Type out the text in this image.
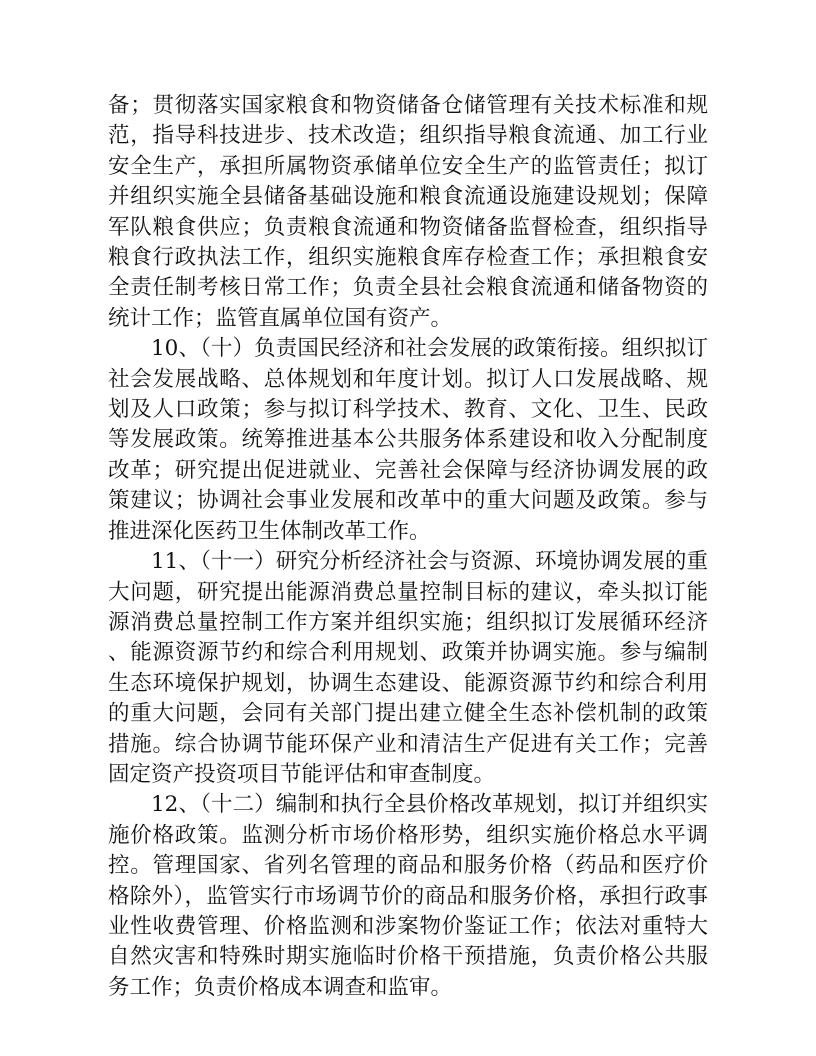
备；贯彻落实国家粮食和物资储备仓储管理有关技术标准和规范，指导科技进步、技术改造；组织指导粮食流通、加工行业安全生产，承担所属物资承储单位安全生产的监管责任；拟订并组织实施全县储备基础设施和粮食流通设施建设规划；保障军队粮食供应；负责粮食流通和物资储备监督检查，组织指导粮食行政执法工作，组织实施粮食库存检查工作；承担粮食安全责任制考核日常工作；负责全县社会粮食流通和储备物资的统计工作；监管直属单位国有资产。

10、（十）负责国民经济和社会发展的政策衔接。组织拟订社会发展战略、总体规划和年度计划。拟订人口发展战略、规划及人口政策；参与拟订科学技术、教育、文化、卫生、民政等发展政策。统筹推进基本公共服务体系建设和收入分配制度改革；研究提出促进就业、完善社会保障与经济协调发展的政策建议；协调社会事业发展和改革中的重大问题及政策。参与推进深化医药卫生体制改革工作。

11、（十一）研究分析经济社会与资源、环境协调发展的重大问题，研究提出能源消费总量控制目标的建议，牵头拟订能源消费总量控制工作方案并组织实施；组织拟订发展循环经济、能源资源节约和综合利用规划、政策并协调实施。参与编制生态环境保护规划，协调生态建设、能源资源节约和综合利用的重大问题，会同有关部门提出建立健全生态补偿机制的政策措施。综合协调节能环保产业和清洁生产促进有关工作；完善固定资产投资项目节能评估和审查制度。

12、（十二）编制和执行全县价格改革规划，拟订并组织实施价格政策。监测分析市场价格形势，组织实施价格总水平调控。管理国家、省列名管理的商品和服务价格（药品和医疗价格除外），监管实行市场调节价的商品和服务价格，承担行政事业性收费管理、价格监测和涉案物价鉴证工作；依法对重特大自然灾害和特殊时期实施临时价格干预措施，负责价格公共服务工作；负责价格成本调查和监审。
